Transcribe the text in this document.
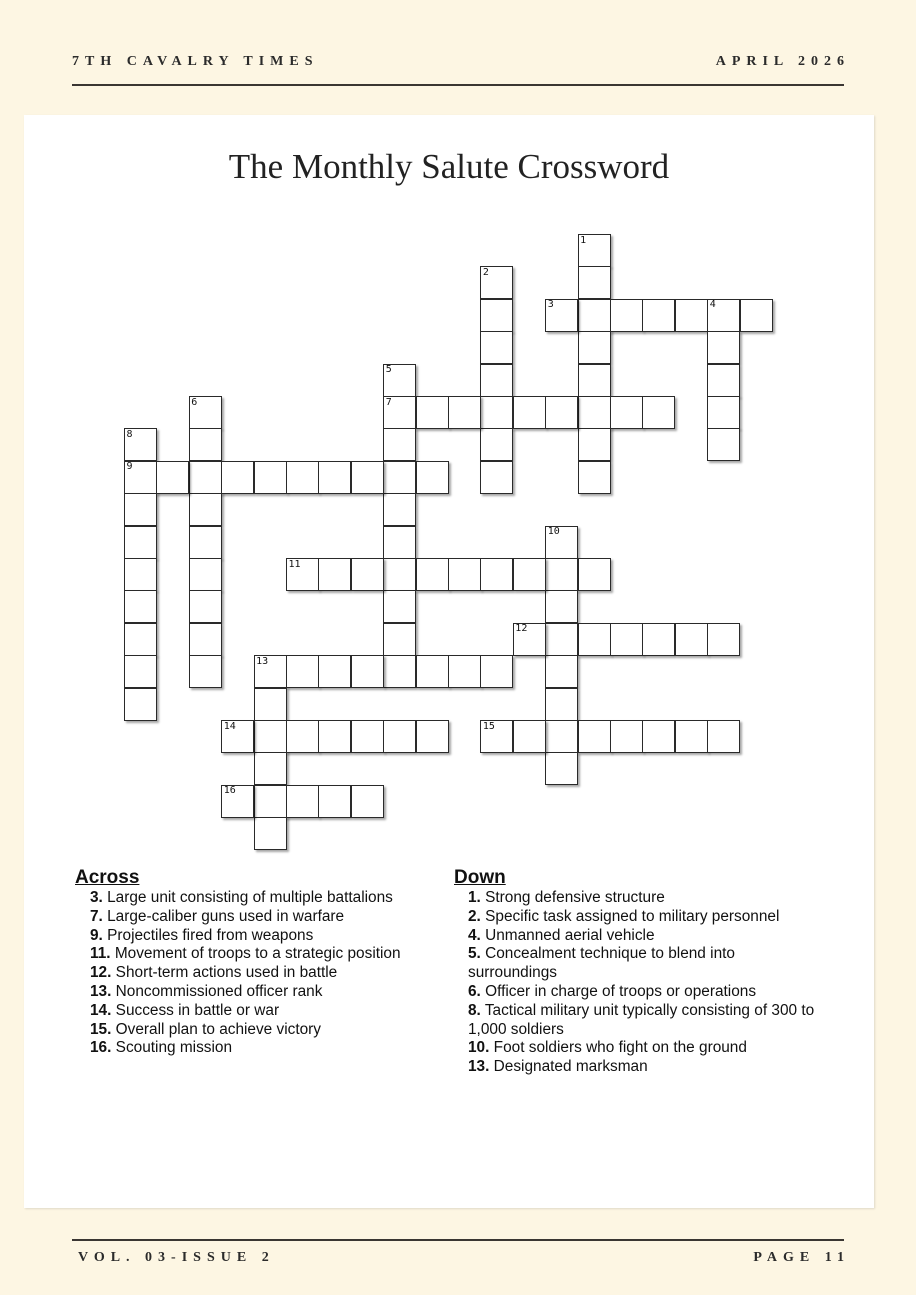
7TH CAVALRY TIMES	APRIL 2026
The Monthly Salute Crossword
1
2
3	4
5
6	7
8
9
10
11
12
13
14	15
16
Across
3. Large unit consisting of multiple battalions
7. Large-caliber guns used in warfare
9. Projectiles fired from weapons
11. Movement of troops to a strategic position
12. Short-term actions used in battle
13. Noncommissioned officer rank
14. Success in battle or war
15. Overall plan to achieve victory
16. Scouting mission
Down
1. Strong defensive structure
2. Specific task assigned to military personnel
4. Unmanned aerial vehicle
5. Concealment technique to blend into surroundings
6. Officer in charge of troops or operations
8. Tactical military unit typically consisting of 300 to 1,000 soldiers
10. Foot soldiers who fight on the ground
13. Designated marksman
VOL. 03-ISSUE 2	PAGE 11
